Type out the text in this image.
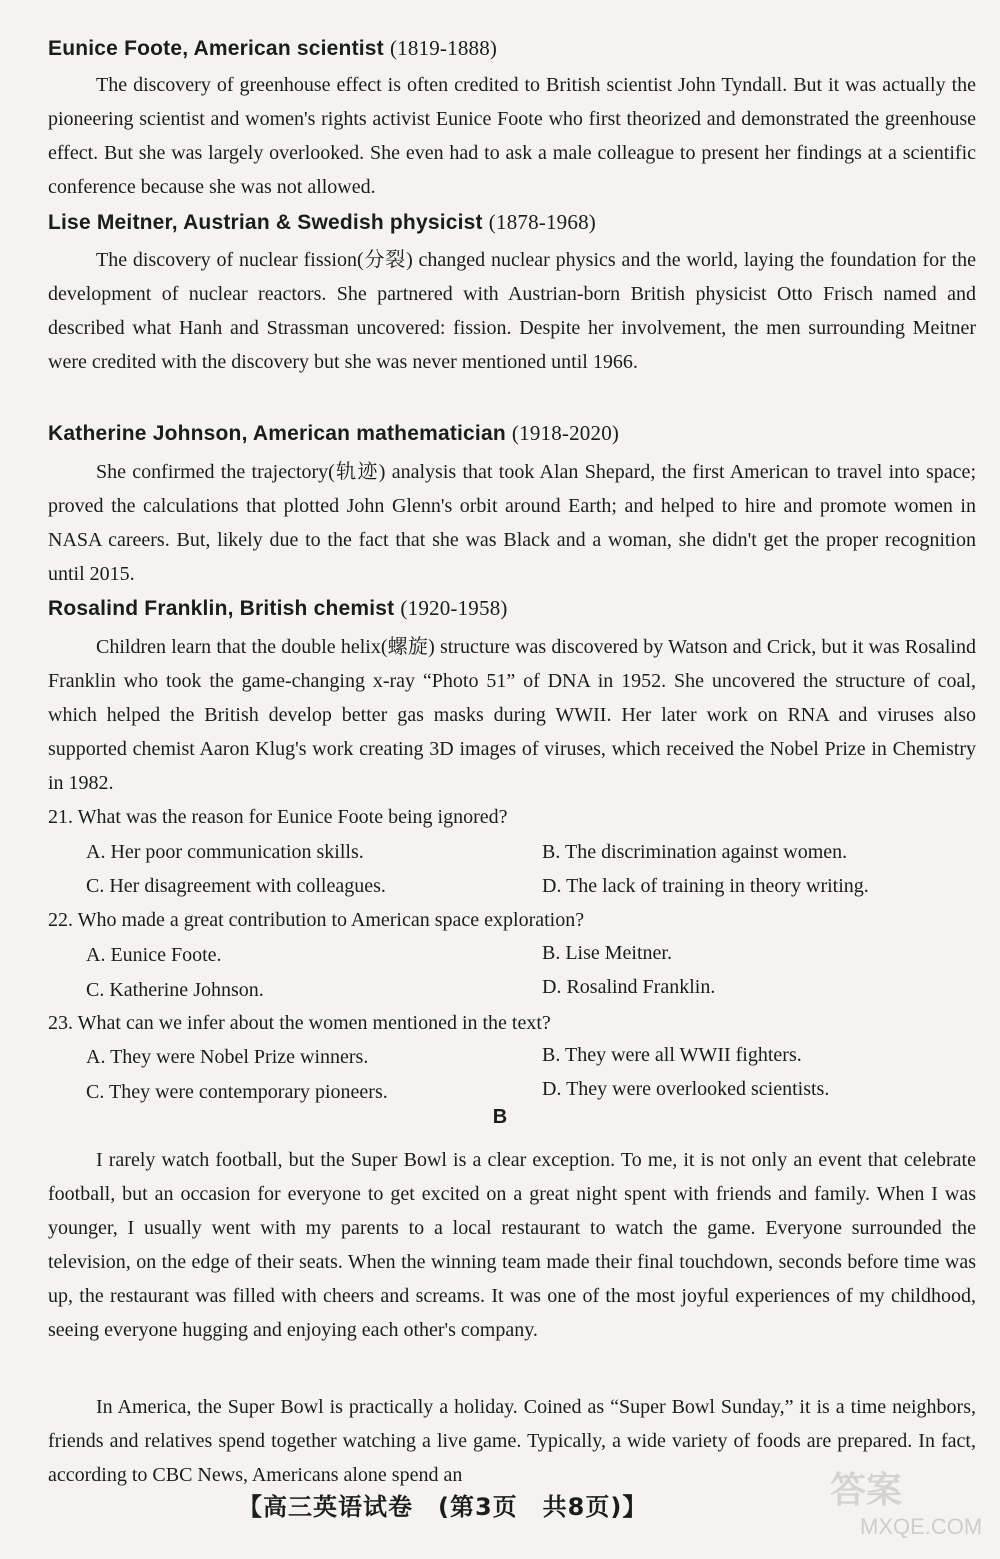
Eunice Foote, American scientist (1819-1888)

The discovery of greenhouse effect is often credited to British scientist John Tyndall. But it was actually the pioneering scientist and women's rights activist Eunice Foote who first theorized and demonstrated the greenhouse effect. But she was largely overlooked. She even had to ask a male colleague to present her findings at a scientific conference because she was not allowed.

Lise Meitner, Austrian & Swedish physicist (1878-1968)

The discovery of nuclear fission(分裂) changed nuclear physics and the world, laying the foundation for the development of nuclear reactors. She partnered with Austrian-born British physicist Otto Frisch named and described what Hanh and Strassman uncovered: fission. Despite her involvement, the men surrounding Meitner were credited with the discovery but she was never mentioned until 1966.

Katherine Johnson, American mathematician (1918-2020)

She confirmed the trajectory(轨迹) analysis that took Alan Shepard, the first American to travel into space; proved the calculations that plotted John Glenn's orbit around Earth; and helped to hire and promote women in NASA careers. But, likely due to the fact that she was Black and a woman, she didn't get the proper recognition until 2015.

Rosalind Franklin, British chemist (1920-1958)

Children learn that the double helix(螺旋) structure was discovered by Watson and Crick, but it was Rosalind Franklin who took the game-changing x-ray “Photo 51” of DNA in 1952. She uncovered the structure of coal, which helped the British develop better gas masks during WWII. Her later work on RNA and viruses also supported chemist Aaron Klug's work creating 3D images of viruses, which received the Nobel Prize in Chemistry in 1982.

21. What was the reason for Eunice Foote being ignored?
A. Her poor communication skills.	B. The discrimination against women.
C. Her disagreement with colleagues.	D. The lack of training in theory writing.
22. Who made a great contribution to American space exploration?
A. Eunice Foote.	B. Lise Meitner.
C. Katherine Johnson.	D. Rosalind Franklin.
23. What can we infer about the women mentioned in the text?
A. They were Nobel Prize winners.	B. They were all WWII fighters.
C. They were contemporary pioneers.	D. They were overlooked scientists.
B

I rarely watch football, but the Super Bowl is a clear exception. To me, it is not only an event that celebrate football, but an occasion for everyone to get excited on a great night spent with friends and family. When I was younger, I usually went with my parents to a local restaurant to watch the game. Everyone surrounded the television, on the edge of their seats. When the winning team made their final touchdown, seconds before time was up, the restaurant was filled with cheers and screams. It was one of the most joyful experiences of my childhood, seeing everyone hugging and enjoying each other's company.

In America, the Super Bowl is practically a holiday. Coined as “Super Bowl Sunday,” it is a time neighbors, friends and relatives spend together watching a live game. Typically, a wide variety of foods are prepared. In fact, according to CBC News, Americans alone spend an

【高三英语试卷　(第3页　共8页)】	答案
MXQE.COM
